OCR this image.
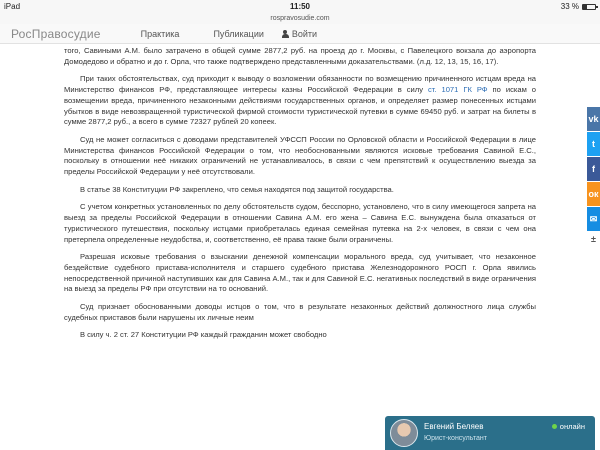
iPad	11:50	33 %
rospravosudie.com
РосПравосудие	Практика	Публикации	Войти

того, Савиными А.М. было затрачено в общей сумме 2877,2 руб. на проезд до г. Москвы, с Павелецкого вокзала до аэропорта Домодедово и обратно и до г. Орла, что также подтверждено представленными доказательствами. (л.д. 12, 13, 15, 16, 17).

При таких обстоятельствах, суд приходит к выводу о возложении обязанности по возмещению причиненного истцам вреда на Министерство финансов РФ, представляющее интересы казны Российской Федерации в силу ст. 1071 ГК РФ по искам о возмещении вреда, причиненного незаконными действиями государственных органов, и определяет размер понесенных истцами убытков в виде невозвращенной туристической фирмой стоимости туристической путевки в сумме 69450 руб. и затрат на билеты в сумме 2877,2 руб., а всего в сумме 72327 рублей 20 копеек.

Суд не может согласиться с доводами представителей УФССП России по Орловской области и Российской Федерации в лице Министерства финансов Российской Федерации о том, что необоснованными являются исковые требования Савиной Е.С., поскольку в отношении неё никаких ограничений не устанавливалось, в связи с чем препятствий к осуществлению выезда за пределы Российской Федерации у неё отсутствовали.

В статье 38 Конституции РФ закреплено, что семья находятся под защитой государства.

С учетом конкретных установленных по делу обстоятельств судом, бесспорно, установлено, что в силу имеющегося запрета на выезд за пределы Российской Федерации в отношении Савина А.М. его жена – Савина Е.С. вынуждена была отказаться от туристического путешествия, поскольку истцами приобреталась единая семейная путевка на 2-х человек, в связи с чем она претерпела определенные неудобства, и, соответственно, её права также были ограничены.

Разрешая исковые требования о взыскании денежной компенсации морального вреда, суд учитывает, что незаконное бездействие судебного пристава-исполнителя и старшего судебного пристава Железнодорожного РОСП г. Орла явились непосредственной причиной наступивших как для Савина А.М., так и для Савиной Е.С. негативных последствий в виде ограничения на выезд за пределы РФ при отсутствии на то оснований.

Суд признает обоснованными доводы истцов о том, что в результате незаконных действий должностного лица службы судебных приставов были нарушены их личные неим

В силу ч. 2 ст. 27 Конституции РФ каждый гражданин может свободно

vk
t
f
ок
✉
±
Евгений Беляев
Юрист-консультант
онлайн
